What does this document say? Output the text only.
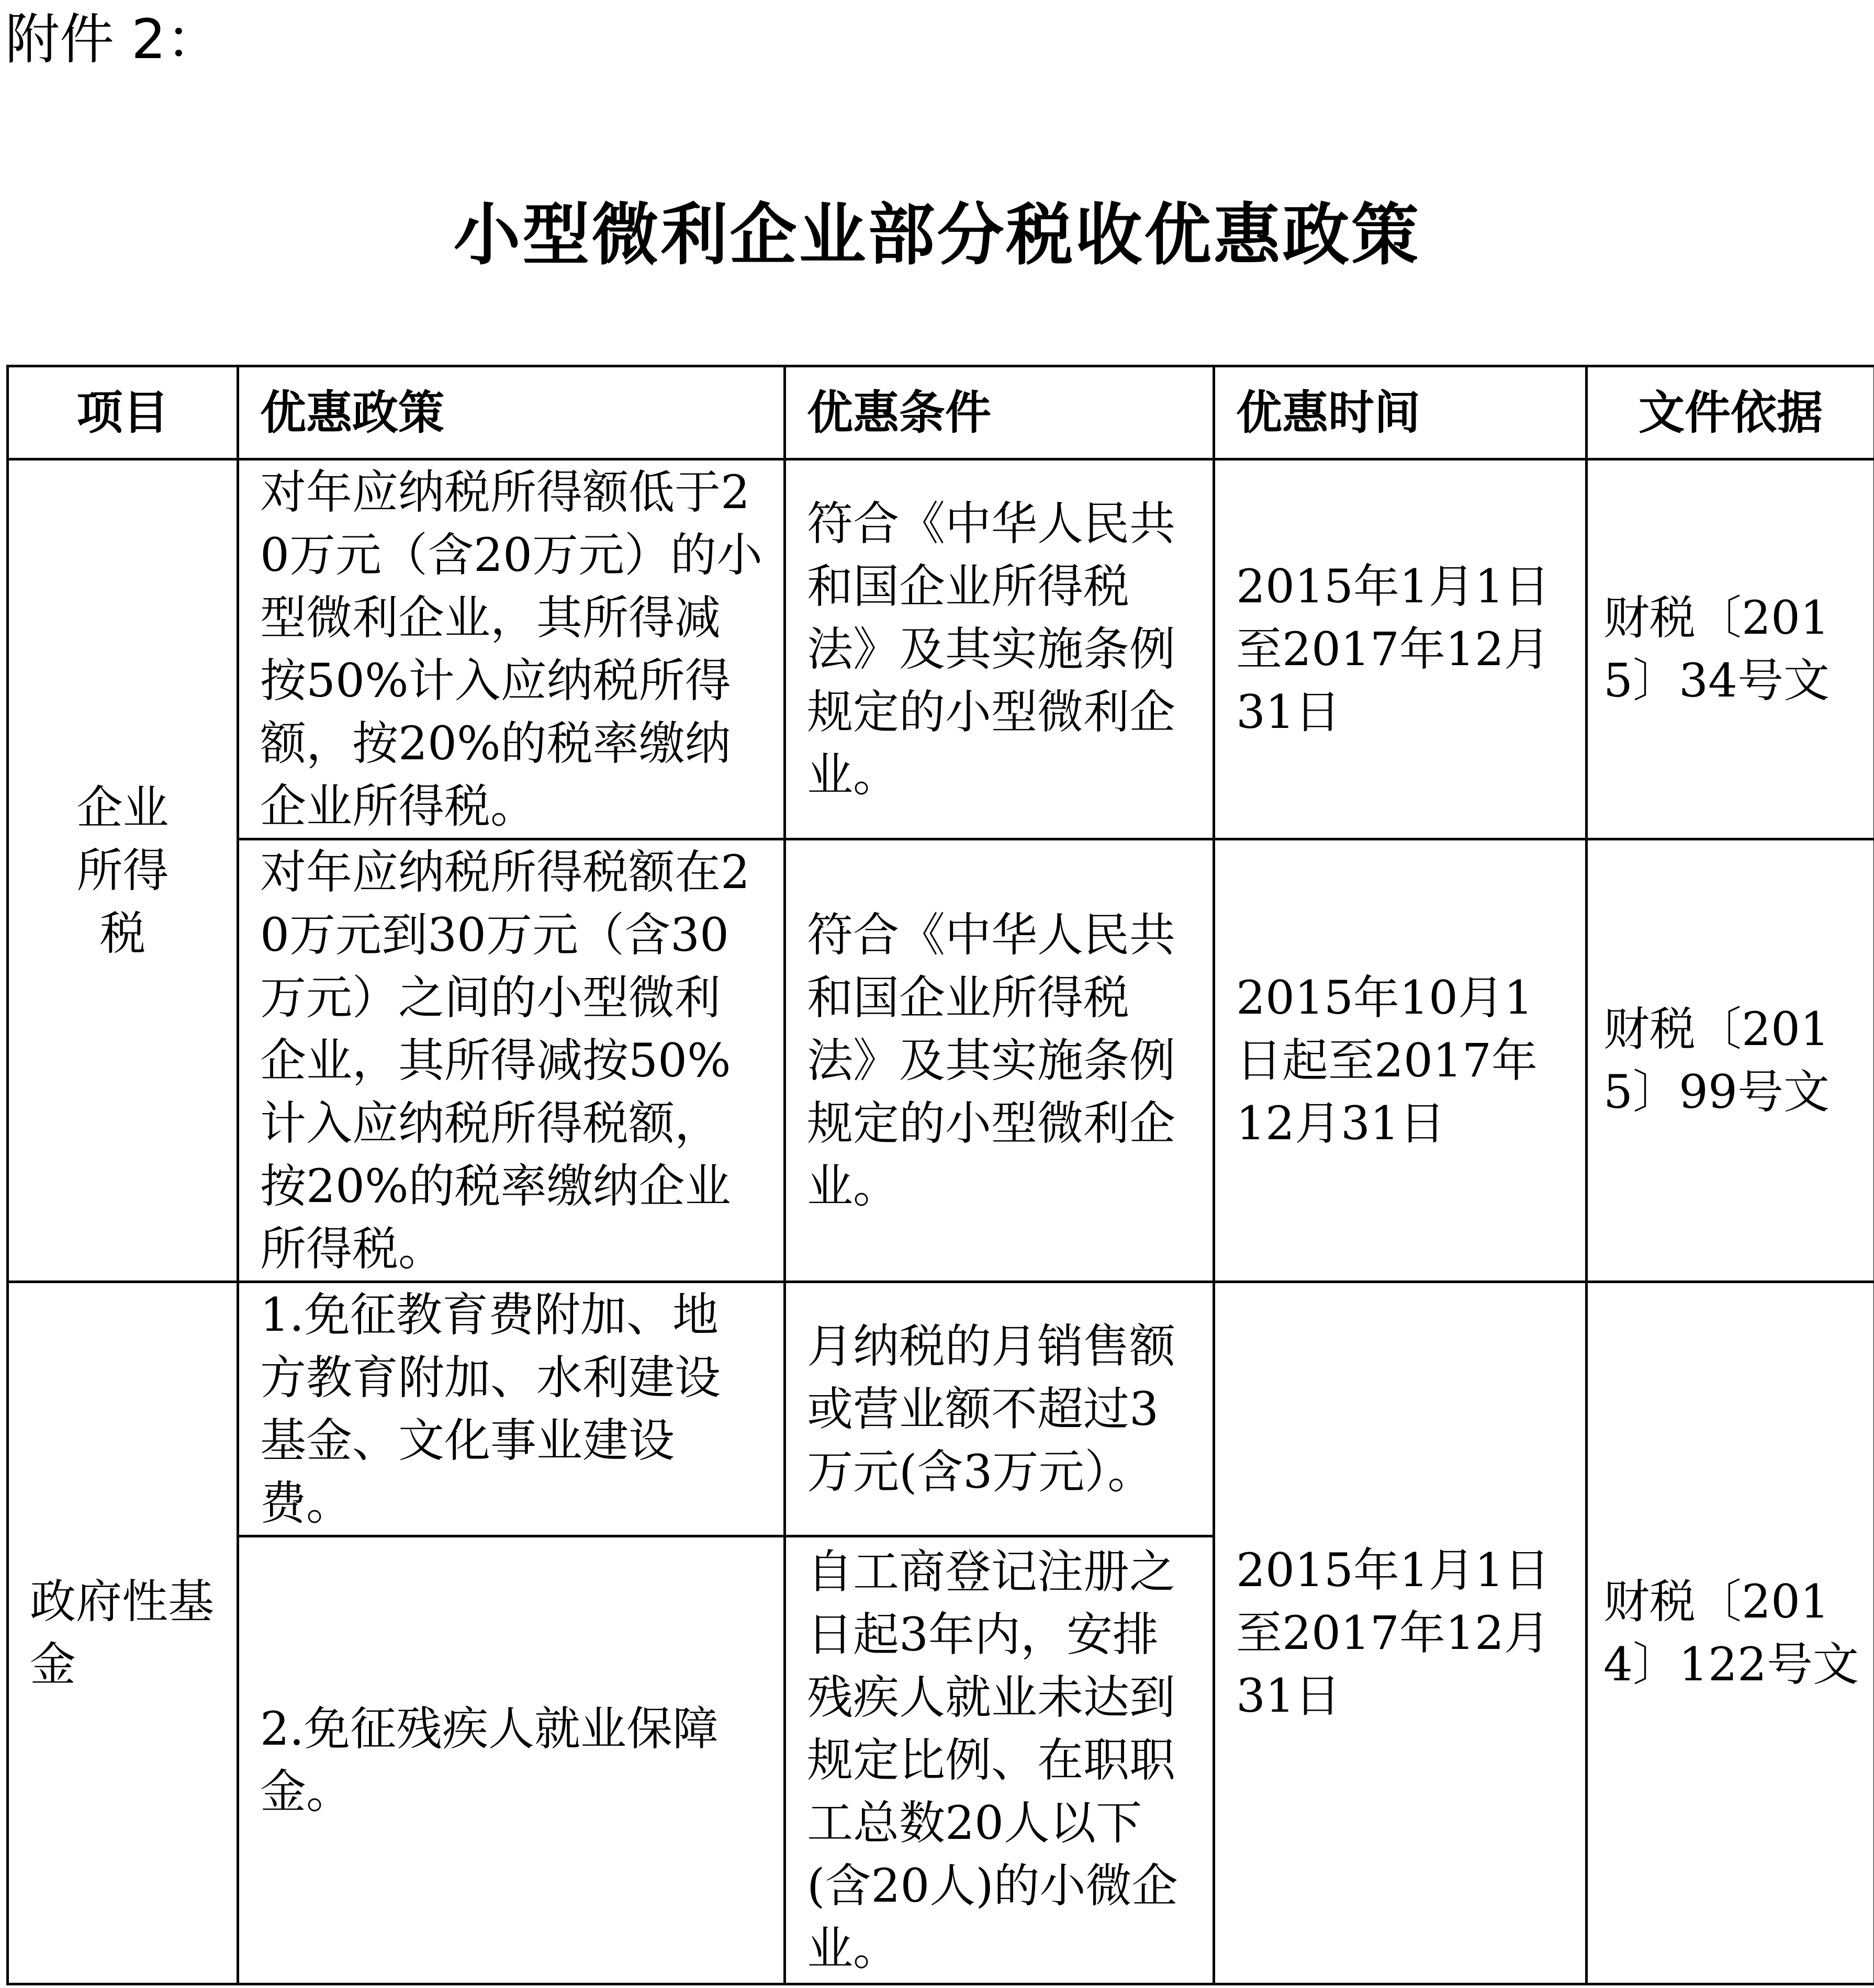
附件 2：
小型微利企业部分税收优惠政策
项目	优惠政策	优惠条件	优惠时间	文件依据
企业所得税	对年应纳税所得额低于20万元（含20万元）的小型微利企业，其所得减按50%计入应纳税所得额，按20%的税率缴纳企业所得税。	符合《中华人民共和国企业所得税法》及其实施条例规定的小型微利企业。	2015年1月1日至2017年12月31日	财税〔2015〕34号文
	对年应纳税所得税额在20万元到30万元（含30万元）之间的小型微利企业，其所得减按50%计入应纳税所得税额，按20%的税率缴纳企业所得税。	符合《中华人民共和国企业所得税法》及其实施条例规定的小型微利企业。	2015年10月1日起至2017年12月31日	财税〔2015〕99号文
政府性基金	1.免征教育费附加、地方教育附加、水利建设基金、文化事业建设费。	月纳税的月销售额或营业额不超过3万元(含3万元）。	2015年1月1日至2017年12月31日	财税〔2014〕122号文
	2.免征残疾人就业保障金。	自工商登记注册之日起3年内，安排残疾人就业未达到规定比例、在职职工总数20人以下(含20人)的小微企业。		
